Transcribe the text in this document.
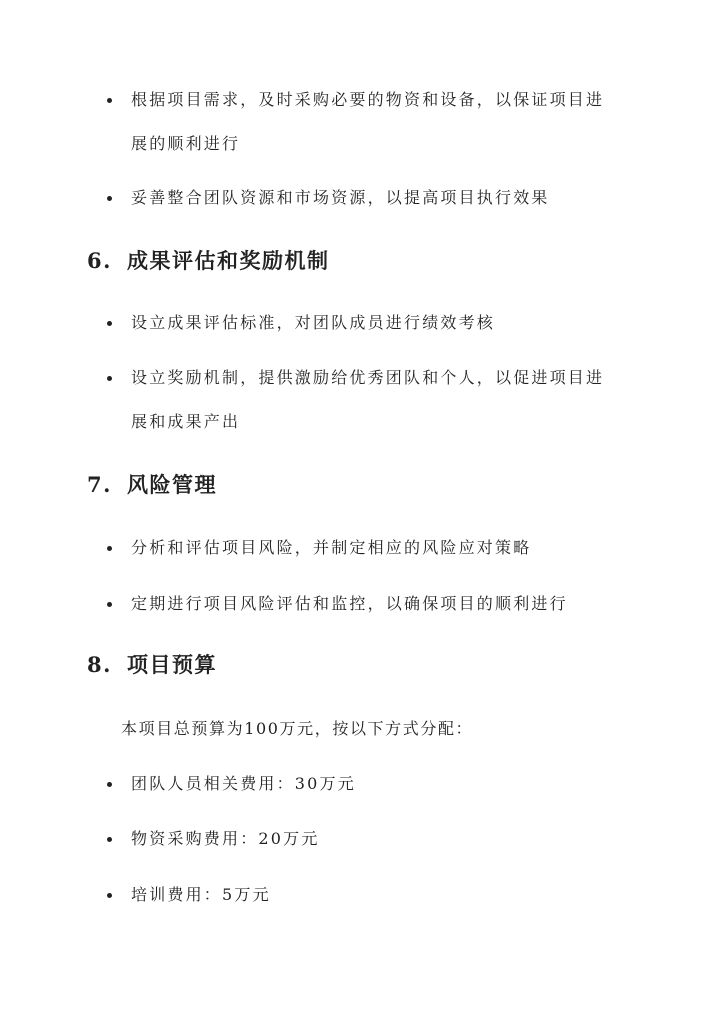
根据项目需求，及时采购必要的物资和设备，以保证项目进
展的顺利进行
妥善整合团队资源和市场资源，以提高项目执行效果
6. 成果评估和奖励机制
设立成果评估标准，对团队成员进行绩效考核
设立奖励机制，提供激励给优秀团队和个人，以促进项目进
展和成果产出
7. 风险管理
分析和评估项目风险，并制定相应的风险应对策略
定期进行项目风险评估和监控，以确保项目的顺利进行
8. 项目预算
本项目总预算为100万元，按以下方式分配：
团队人员相关费用：30万元
物资采购费用：20万元
培训费用：5万元
